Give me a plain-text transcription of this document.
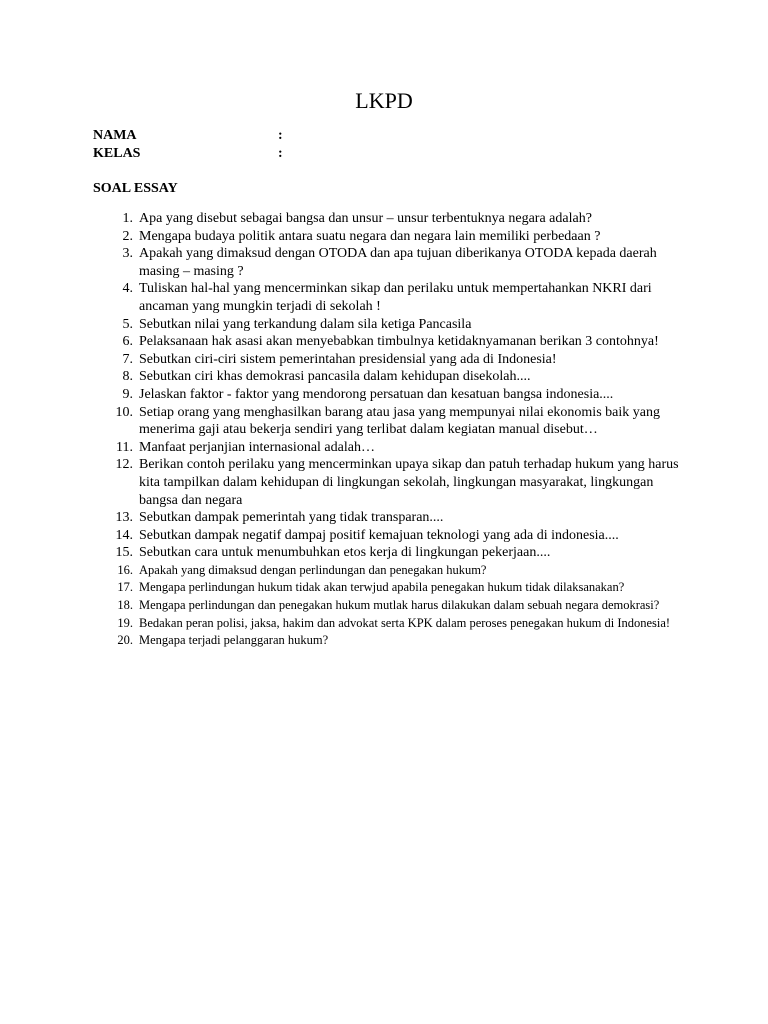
LKPD
NAMA	:
KELAS	:
SOAL ESSAY
1. Apa yang disebut sebagai bangsa dan unsur – unsur terbentuknya negara adalah?
2. Mengapa budaya politik antara suatu negara dan negara lain memiliki perbedaan ?
3. Apakah yang dimaksud dengan OTODA dan apa tujuan diberikanya OTODA kepada daerah masing – masing ?
4. Tuliskan hal-hal yang mencerminkan sikap dan perilaku untuk mempertahankan NKRI dari ancaman yang mungkin terjadi di sekolah !
5. Sebutkan nilai yang terkandung dalam sila ketiga Pancasila
6. Pelaksanaan hak asasi akan menyebabkan timbulnya ketidaknyamanan berikan 3 contohnya!
7. Sebutkan ciri-ciri sistem pemerintahan presidensial yang ada di Indonesia!
8. Sebutkan ciri khas demokrasi pancasila dalam kehidupan disekolah....
9. Jelaskan faktor - faktor yang mendorong persatuan dan kesatuan bangsa indonesia....
10. Setiap orang yang menghasilkan barang atau jasa yang mempunyai nilai ekonomis baik yang menerima gaji atau bekerja sendiri yang terlibat dalam kegiatan manual disebut…
11. Manfaat perjanjian internasional adalah…
12. Berikan contoh perilaku yang mencerminkan upaya sikap dan patuh terhadap hukum yang harus kita tampilkan dalam kehidupan di lingkungan sekolah, lingkungan masyarakat, lingkungan bangsa dan negara
13. Sebutkan dampak pemerintah yang tidak transparan....
14. Sebutkan dampak negatif dampaj positif kemajuan teknologi yang ada di indonesia....
15. Sebutkan cara untuk menumbuhkan etos kerja di lingkungan pekerjaan....
16. Apakah yang dimaksud dengan perlindungan dan penegakan hukum?
17. Mengapa perlindungan hukum tidak akan terwjud apabila penegakan hukum tidak dilaksanakan?
18. Mengapa perlindungan dan penegakan hukum mutlak harus dilakukan dalam sebuah negara demokrasi?
19. Bedakan peran polisi, jaksa, hakim dan advokat serta KPK dalam peroses penegakan hukum di Indonesia!
20. Mengapa terjadi pelanggaran hukum?
